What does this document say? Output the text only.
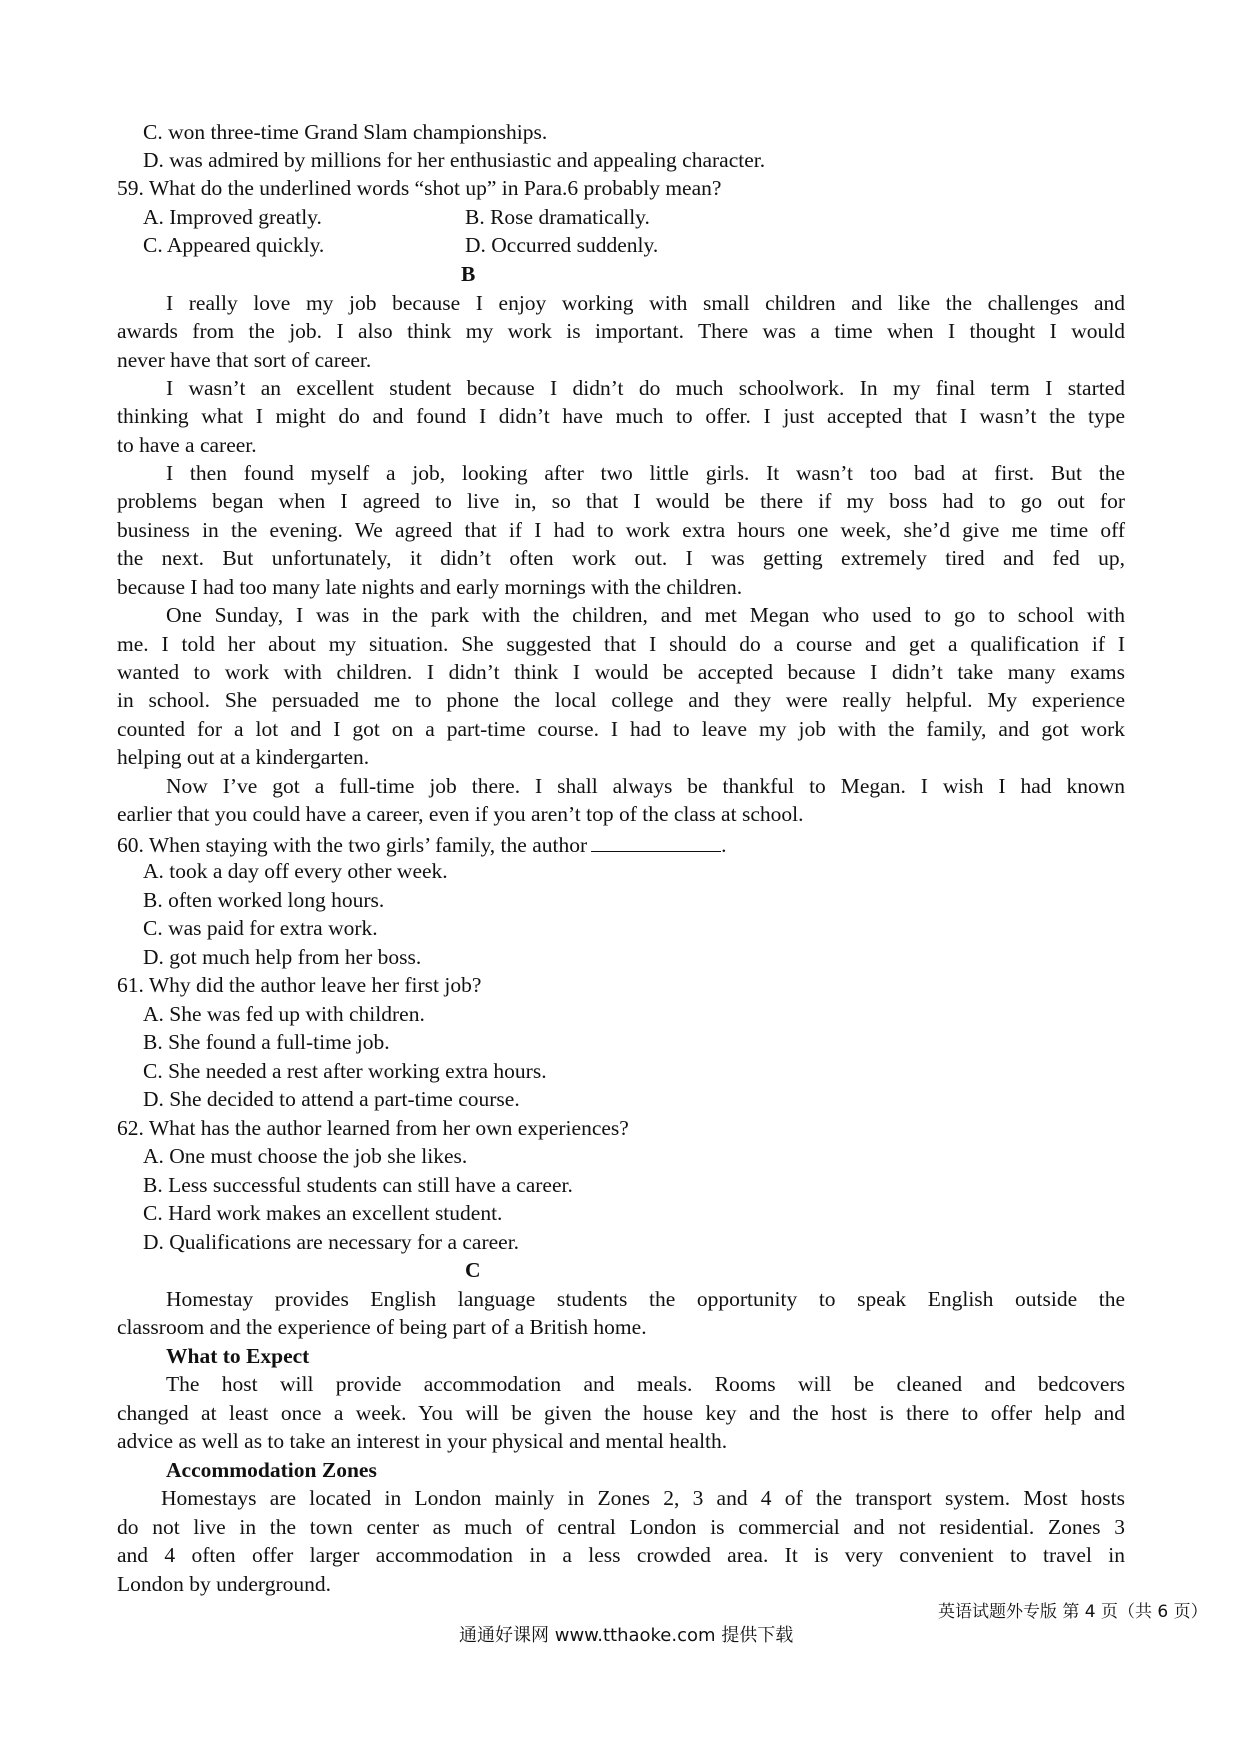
C. won three-time Grand Slam championships.
D. was admired by millions for her enthusiastic and appealing character.
59. What do the underlined words “shot up” in Para.6 probably mean?
A. Improved greatly.	B. Rose dramatically.
C. Appeared quickly.	D. Occurred suddenly.
B
I really love my job because I enjoy working with small children and like the challenges and
awards from the job. I also think my work is important. There was a time when I thought I would
never have that sort of career.
I wasn’t an excellent student because I didn’t do much schoolwork. In my final term I started
thinking what I might do and found I didn’t have much to offer. I just accepted that I wasn’t the type
to have a career.
I then found myself a job, looking after two little girls. It wasn’t too bad at first. But the
problems began when I agreed to live in, so that I would be there if my boss had to go out for
business in the evening. We agreed that if I had to work extra hours one week, she’d give me time off
the next. But unfortunately, it didn’t often work out. I was getting extremely tired and fed up,
because I had too many late nights and early mornings with the children.
One Sunday, I was in the park with the children, and met Megan who used to go to school with
me. I told her about my situation. She suggested that I should do a course and get a qualification if I
wanted to work with children. I didn’t think I would be accepted because I didn’t take many exams
in school. She persuaded me to phone the local college and they were really helpful. My experience
counted for a lot and I got on a part-time course. I had to leave my job with the family, and got work
helping out at a kindergarten.
Now I’ve got a full-time job there. I shall always be thankful to Megan. I wish I had known
earlier that you could have a career, even if you aren’t top of the class at school.
60. When staying with the two girls’ family, the author	.
A. took a day off every other week.
B. often worked long hours.
C. was paid for extra work.
D. got much help from her boss.
61. Why did the author leave her first job?
A. She was fed up with children.
B. She found a full-time job.
C. She needed a rest after working extra hours.
D. She decided to attend a part-time course.
62. What has the author learned from her own experiences?
A. One must choose the job she likes.
B. Less successful students can still have a career.
C. Hard work makes an excellent student.
D. Qualifications are necessary for a career.
C
Homestay provides English language students the opportunity to speak English outside the
classroom and the experience of being part of a British home.
What to Expect
The host will provide accommodation and meals. Rooms will be cleaned and bedcovers
changed at least once a week. You will be given the house key and the host is there to offer help and
advice as well as to take an interest in your physical and mental health.
Accommodation Zones
Homestays are located in London mainly in Zones 2, 3 and 4 of the transport system. Most hosts
do not live in the town center as much of central London is commercial and not residential. Zones 3
and 4 often offer larger accommodation in a less crowded area. It is very convenient to travel in
London by underground.
英语试题外专版 第 4 页（共 6 页）
通通好课网 www.tthaoke.com 提供下载
